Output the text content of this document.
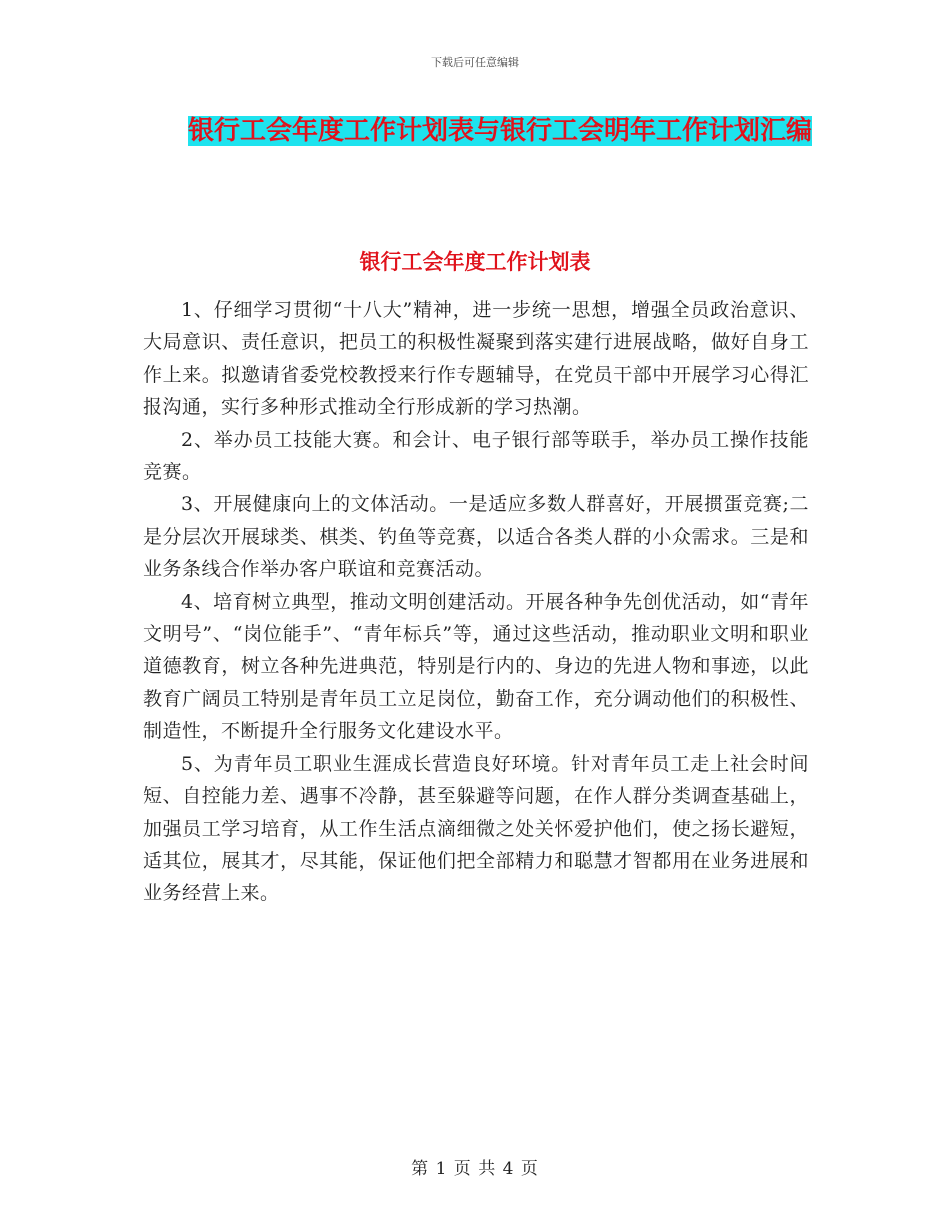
下载后可任意编辑
银行工会年度工作计划表与银行工会明年工作计划汇编
银行工会年度工作计划表

1、仔细学习贯彻“十八大”精神，进一步统一思想，增强全员政治意识、大局意识、责任意识，把员工的积极性凝聚到落实建行进展战略，做好自身工作上来。拟邀请省委党校教授来行作专题辅导，在党员干部中开展学习心得汇报沟通，实行多种形式推动全行形成新的学习热潮。

2、举办员工技能大赛。和会计、电子银行部等联手，举办员工操作技能竞赛。

3、开展健康向上的文体活动。一是适应多数人群喜好，开展掼蛋竞赛;二是分层次开展球类、棋类、钓鱼等竞赛，以适合各类人群的小众需求。三是和业务条线合作举办客户联谊和竞赛活动。

4、培育树立典型，推动文明创建活动。开展各种争先创优活动，如“青年文明号”、“岗位能手”、“青年标兵”等，通过这些活动，推动职业文明和职业道德教育，树立各种先进典范，特别是行内的、身边的先进人物和事迹，以此教育广阔员工特别是青年员工立足岗位，勤奋工作，充分调动他们的积极性、制造性，不断提升全行服务文化建设水平。

5、为青年员工职业生涯成长营造良好环境。针对青年员工走上社会时间短、自控能力差、遇事不冷静，甚至躲避等问题，在作人群分类调查基础上，加强员工学习培育，从工作生活点滴细微之处关怀爱护他们，使之扬长避短，适其位，展其才，尽其能，保证他们把全部精力和聪慧才智都用在业务进展和业务经营上来。

第 1 页 共 4 页
